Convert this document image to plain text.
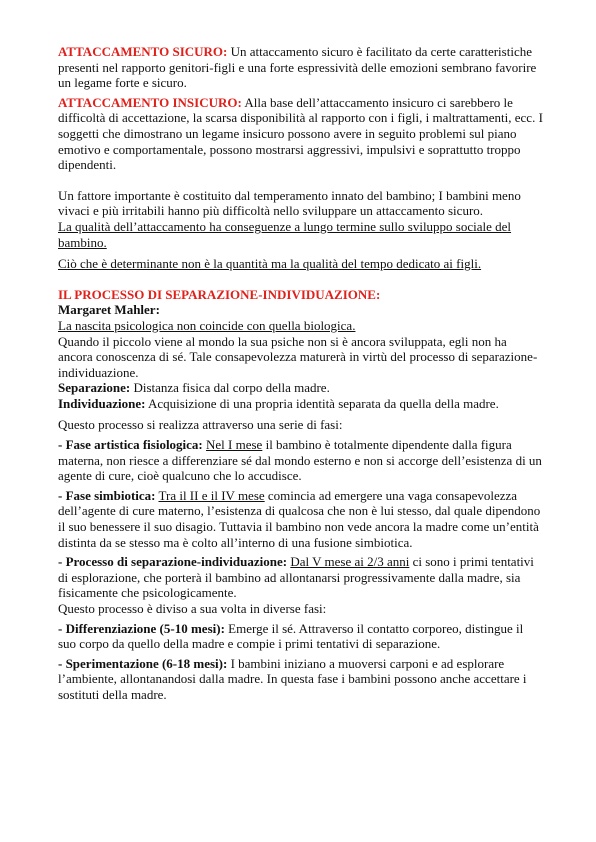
ATTACCAMENTO SICURO: Un attaccamento sicuro è facilitato da certe caratteristiche presenti nel rapporto genitori-figli e una forte espressività delle emozioni sembrano favorire un legame forte e sicuro.

ATTACCAMENTO INSICURO: Alla base dell’attaccamento insicuro ci sarebbero le difficoltà di accettazione, la scarsa disponibilità al rapporto con i figli, i maltrattamenti, ecc. I soggetti che dimostrano un legame insicuro possono avere in seguito problemi sul piano emotivo e comportamentale, possono mostrarsi aggressivi, impulsivi e soprattutto troppo dipendenti.

Un fattore importante è costituito dal temperamento innato del bambino; I bambini meno vivaci e più irritabili hanno più difficoltà nello sviluppare un attaccamento sicuro.

La qualità dell’attaccamento ha conseguenze a lungo termine sullo sviluppo sociale del bambino.

Ciò che è determinante non è la quantità ma la qualità del tempo dedicato ai figli.

IL PROCESSO DI SEPARAZIONE-INDIVIDUAZIONE:

Margaret Mahler:

La nascita psicologica non coincide con quella biologica.

Quando il piccolo viene al mondo la sua psiche non si è ancora sviluppata, egli non ha ancora conoscenza di sé. Tale consapevolezza maturerà in virtù del processo di separazione-individuazione.

Separazione: Distanza fisica dal corpo della madre.

Individuazione: Acquisizione di una propria identità separata da quella della madre.

Questo processo si realizza attraverso una serie di fasi:

- Fase artistica fisiologica: Nel I mese il bambino è totalmente dipendente dalla figura materna, non riesce a differenziare sé dal mondo esterno e non si accorge dell’esistenza di un agente di cure, cioè qualcuno che lo accudisce.

- Fase simbiotica: Tra il II e il IV mese comincia ad emergere una vaga consapevolezza dell’agente di cure materno, l’esistenza di qualcosa che non è lui stesso, dal quale dipendono il suo benessere il suo disagio. Tuttavia il bambino non vede ancora la madre come un’entità distinta da se stesso ma è colto all’interno di una fusione simbiotica.

- Processo di separazione-individuazione: Dal V mese ai 2/3 anni ci sono i primi tentativi di esplorazione, che porterà il bambino ad allontanarsi progressivamente dalla madre, sia fisicamente che psicologicamente.

Questo processo è diviso a sua volta in diverse fasi:

- Differenziazione (5-10 mesi): Emerge il sé. Attraverso il contatto corporeo, distingue il suo corpo da quello della madre e compie i primi tentativi di separazione.

- Sperimentazione (6-18 mesi): I bambini iniziano a muoversi carponi e ad esplorare l’ambiente, allontanandosi dalla madre. In questa fase i bambini possono anche accettare i sostituti della madre.
